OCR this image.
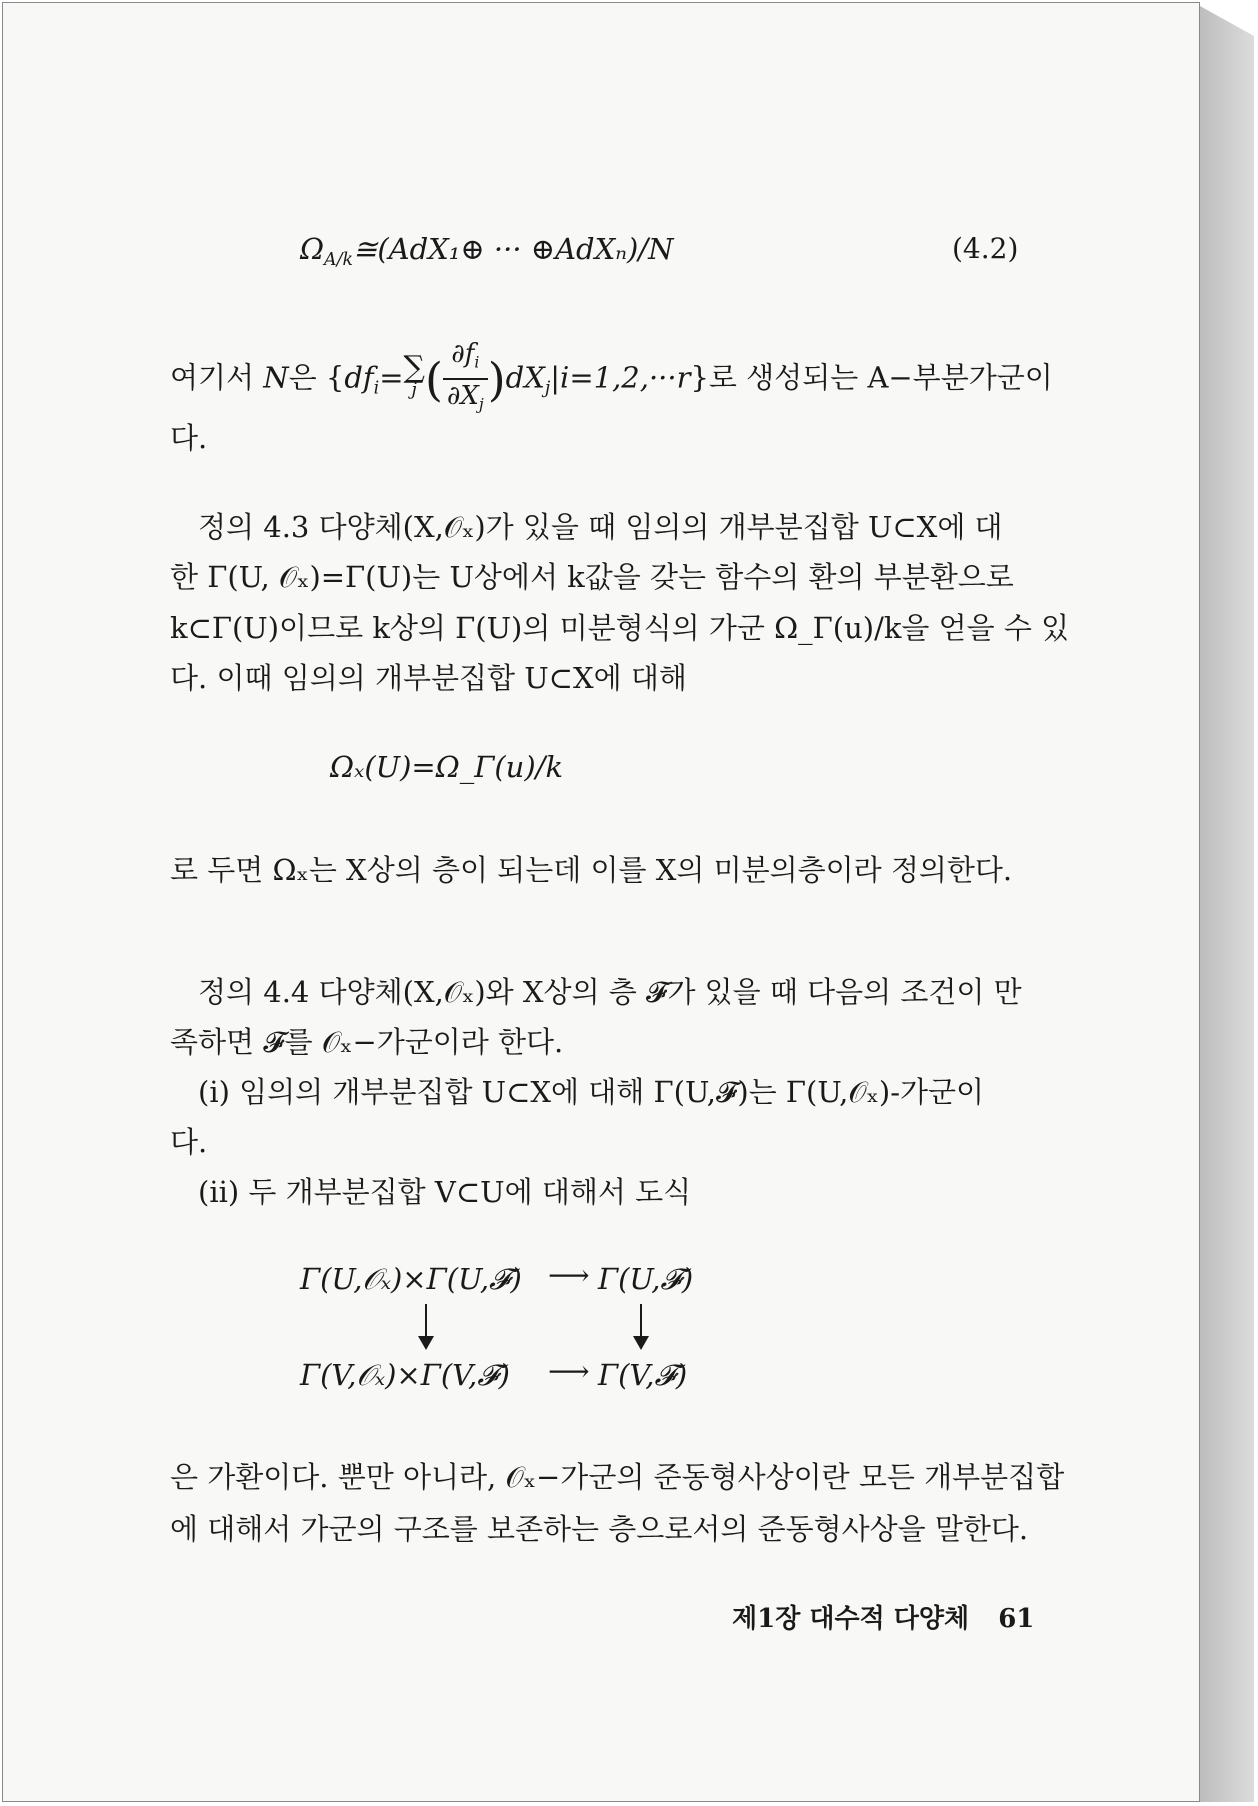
$\Omega_{A/k}≅(AdX_1\oplus$ ··· ⊕AdXₙ)/N	(4.2)
여기서 N은 {$df_i=$ ∑
j ( $\frac{\partial f_i}{\partial X_j} )dX_j|i=1,2,\cdot\cdot\cdot r$}로 생성되는 A−부분가군이
다.
정의 4.3 다양체(X,𝒪ₓ)가 있을 때 임의의 개부분집합 U⊂X에 대
한 Γ(U, 𝒪ₓ)=Γ(U)는 U상에서 k값을 갖는 함수의 환의 부분환으로
k⊂Γ(U)이므로 k상의 Γ(U)의 미분형식의 가군 Ω_Γ(u)/k을 얻을 수 있
다. 이때 임의의 개부분집합 U⊂X에 대해
Ωₓ(U)=Ω_Γ(u)/k
로 두면 Ωₓ는 X상의 층이 되는데 이를 X의 미분의층이라 정의한다.
정의 4.4 다양체(X,𝒪ₓ)와 X상의 층 𝓕가 있을 때 다음의 조건이 만
족하면 𝓕를 𝒪ₓ−가군이라 한다.
(i) 임의의 개부분집합 U⊂X에 대해 Γ(U,𝓕)는 Γ(U,𝒪ₓ)-가군이
다.
(ii) 두 개부분집합 V⊂U에 대해서 도식
Γ(U,𝒪ₓ)×Γ(U,𝓕) ⟶ Γ(U,𝓕)
Γ(V,𝒪ₓ)×Γ(V,𝓕) ⟶ Γ(V,𝓕)
은 가환이다. 뿐만 아니라, 𝒪ₓ−가군의 준동형사상이란 모든 개부분집합
에 대해서 가군의 구조를 보존하는 층으로서의 준동형사상을 말한다.
제1장 대수적 다양체 61
